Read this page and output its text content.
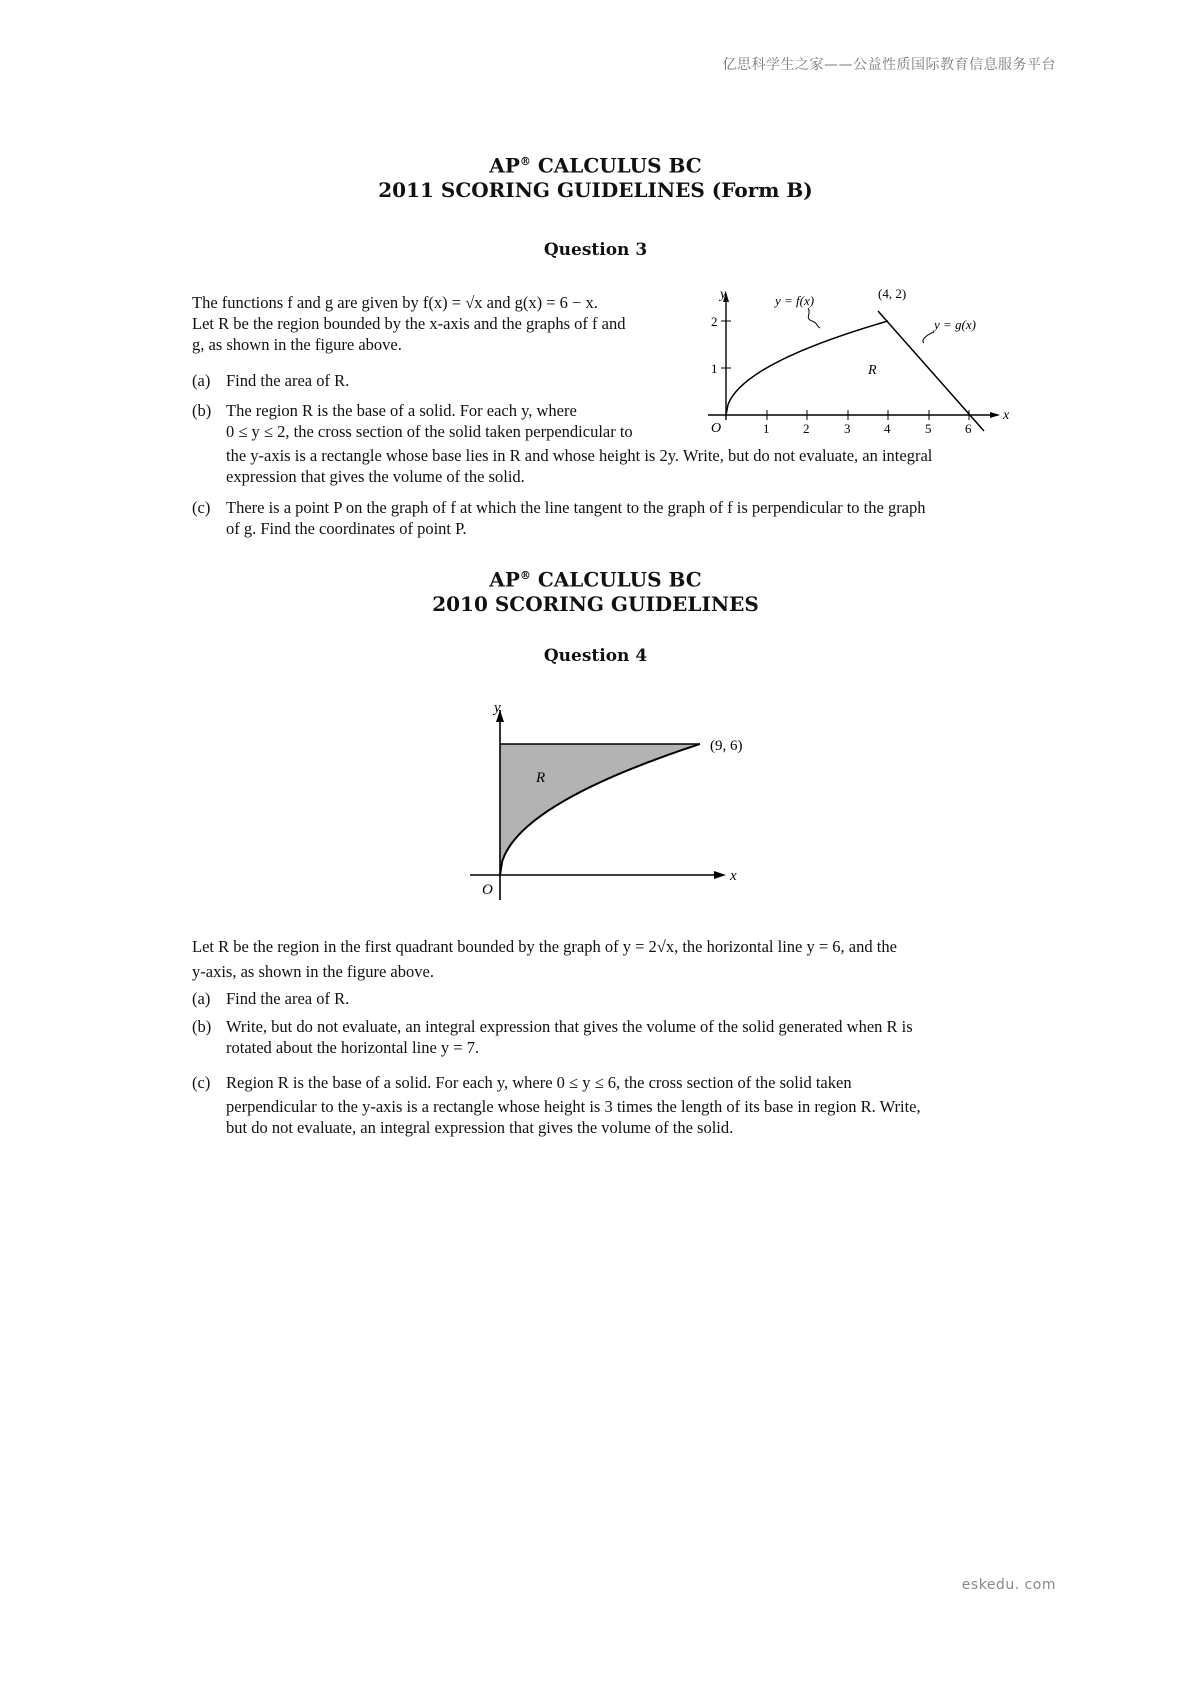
亿思科学生之家——公益性质国际教育信息服务平台
eskedu. com
AP® CALCULUS BC
2011 SCORING GUIDELINES (Form B)
Question 3

The functions f and g are given by f(x) = √x and g(x) = 6 − x.

Let R be the region bounded by the x-axis and the graphs of f and

g, as shown in the figure above.

(a) Find the area of R.
(b) The region R is the base of a solid. For each y, where
0 ≤ y ≤ 2, the cross section of the solid taken perpendicular to
the y-axis is a rectangle whose base lies in R and whose height is 2y. Write, but do not evaluate, an integral
expression that gives the volume of the solid.
(c) There is a point P on the graph of f at which the line tangent to the graph of f is perpendicular to the graph
of g. Find the coordinates of point P.
y
x
O	1	2	3	4	5	6
1
2
y = f(x)	(4, 2)
y = g(x)
R
AP® CALCULUS BC
2010 SCORING GUIDELINES
Question 4
y
x
O
(9, 6)
R

Let R be the region in the first quadrant bounded by the graph of y = 2√x, the horizontal line y = 6, and the

y-axis, as shown in the figure above.

(a) Find the area of R.
(b) Write, but do not evaluate, an integral expression that gives the volume of the solid generated when R is
rotated about the horizontal line y = 7.
(c) Region R is the base of a solid. For each y, where 0 ≤ y ≤ 6, the cross section of the solid taken
perpendicular to the y-axis is a rectangle whose height is 3 times the length of its base in region R. Write,
but do not evaluate, an integral expression that gives the volume of the solid.
